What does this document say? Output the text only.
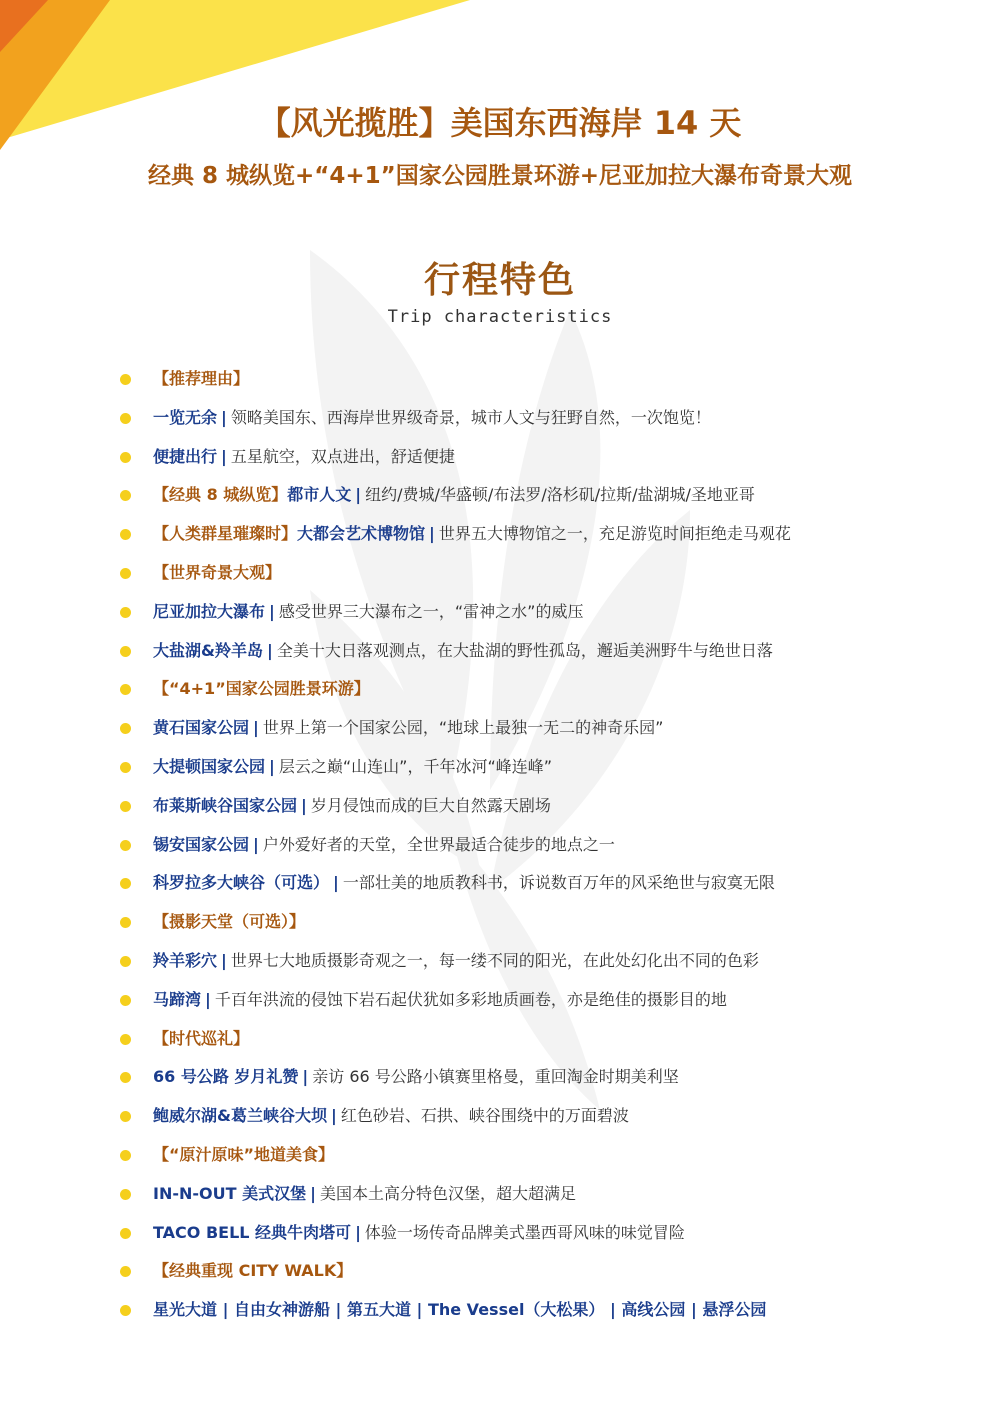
【风光揽胜】美国东西海岸 14 天
经典 8 城纵览+“4+1”国家公园胜景环游+尼亚加拉大瀑布奇景大观
行程特色
Trip characteristics
【推荐理由】
一览无余 | 领略美国东、西海岸世界级奇景，城市人文与狂野自然，一次饱览！
便捷出行 | 五星航空，双点进出，舒适便捷
【经典 8 城纵览】都市人文 | 纽约/费城/华盛顿/布法罗/洛杉矶/拉斯/盐湖城/圣地亚哥
【人类群星璀璨时】大都会艺术博物馆 | 世界五大博物馆之一，充足游览时间拒绝走马观花
【世界奇景大观】
尼亚加拉大瀑布 | 感受世界三大瀑布之一，“雷神之水”的威压
大盐湖&羚羊岛 | 全美十大日落观测点，在大盐湖的野性孤岛，邂逅美洲野牛与绝世日落
【“4+1”国家公园胜景环游】
黄石国家公园 | 世界上第一个国家公园，“地球上最独一无二的神奇乐园”
大提顿国家公园 | 层云之巅“山连山”，千年冰河“峰连峰”
布莱斯峡谷国家公园 | 岁月侵蚀而成的巨大自然露天剧场
锡安国家公园 | 户外爱好者的天堂，全世界最适合徒步的地点之一
科罗拉多大峡谷（可选） | 一部壮美的地质教科书，诉说数百万年的风采绝世与寂寞无限
【摄影天堂（可选）】
羚羊彩穴 | 世界七大地质摄影奇观之一，每一缕不同的阳光，在此处幻化出不同的色彩
马蹄湾 | 千百年洪流的侵蚀下岩石起伏犹如多彩地质画卷，亦是绝佳的摄影目的地
【时代巡礼】
66 号公路 岁月礼赞 | 亲访 66 号公路小镇赛里格曼，重回淘金时期美利坚
鲍威尔湖&葛兰峡谷大坝 | 红色砂岩、石拱、峡谷围绕中的万面碧波
【“原汁原味”地道美食】
IN-N-OUT 美式汉堡 | 美国本土高分特色汉堡，超大超满足
TACO BELL 经典牛肉塔可 | 体验一场传奇品牌美式墨西哥风味的味觉冒险
【经典重现 CITY WALK】
星光大道 | 自由女神游船 | 第五大道 | The Vessel（大松果） | 高线公园 | 悬浮公园
